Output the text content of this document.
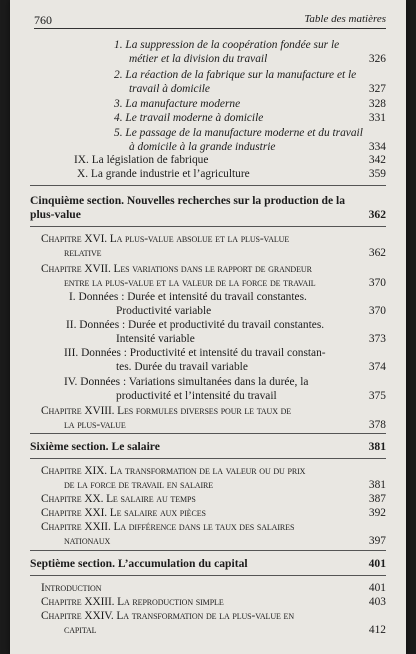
760	Table des matières
1. La suppression de la coopération fondée sur le
métier et la division du travail	326
2. La réaction de la fabrique sur la manufacture et le
travail à domicile	327
3. La manufacture moderne	328
4. Le travail moderne à domicile	331
5. Le passage de la manufacture moderne et du travail
à domicile à la grande industrie	334
IX. La législation de fabrique	342
X. La grande industrie et l’agriculture	359
Cinquième section. Nouvelles recherches sur la production de la
plus-value	362
Chapitre XVI. La plus-value absolue et la plus-value
relative	362
Chapitre XVII. Les variations dans le rapport de grandeur
entre la plus-value et la valeur de la force de travail	370
I. Données : Durée et intensité du travail constantes.
Productivité variable	370
II. Données : Durée et productivité du travail constantes.
Intensité variable	373
III. Données : Productivité et intensité du travail constan-
tes. Durée du travail variable	374
IV. Données : Variations simultanées dans la durée, la
productivité et l’intensité du travail	375
Chapitre XVIII. Les formules diverses pour le taux de
la plus-value	378
Sixième section. Le salaire	381
Chapitre XIX. La transformation de la valeur ou du prix
de la force de travail en salaire	381
Chapitre XX. Le salaire au temps	387
Chapitre XXI. Le salaire aux pièces	392
Chapitre XXII. La différence dans le taux des salaires
nationaux	397
Septième section. L’accumulation du capital	401
Introduction	401
Chapitre XXIII. La reproduction simple	403
Chapitre XXIV. La transformation de la plus-value en
capital	412
